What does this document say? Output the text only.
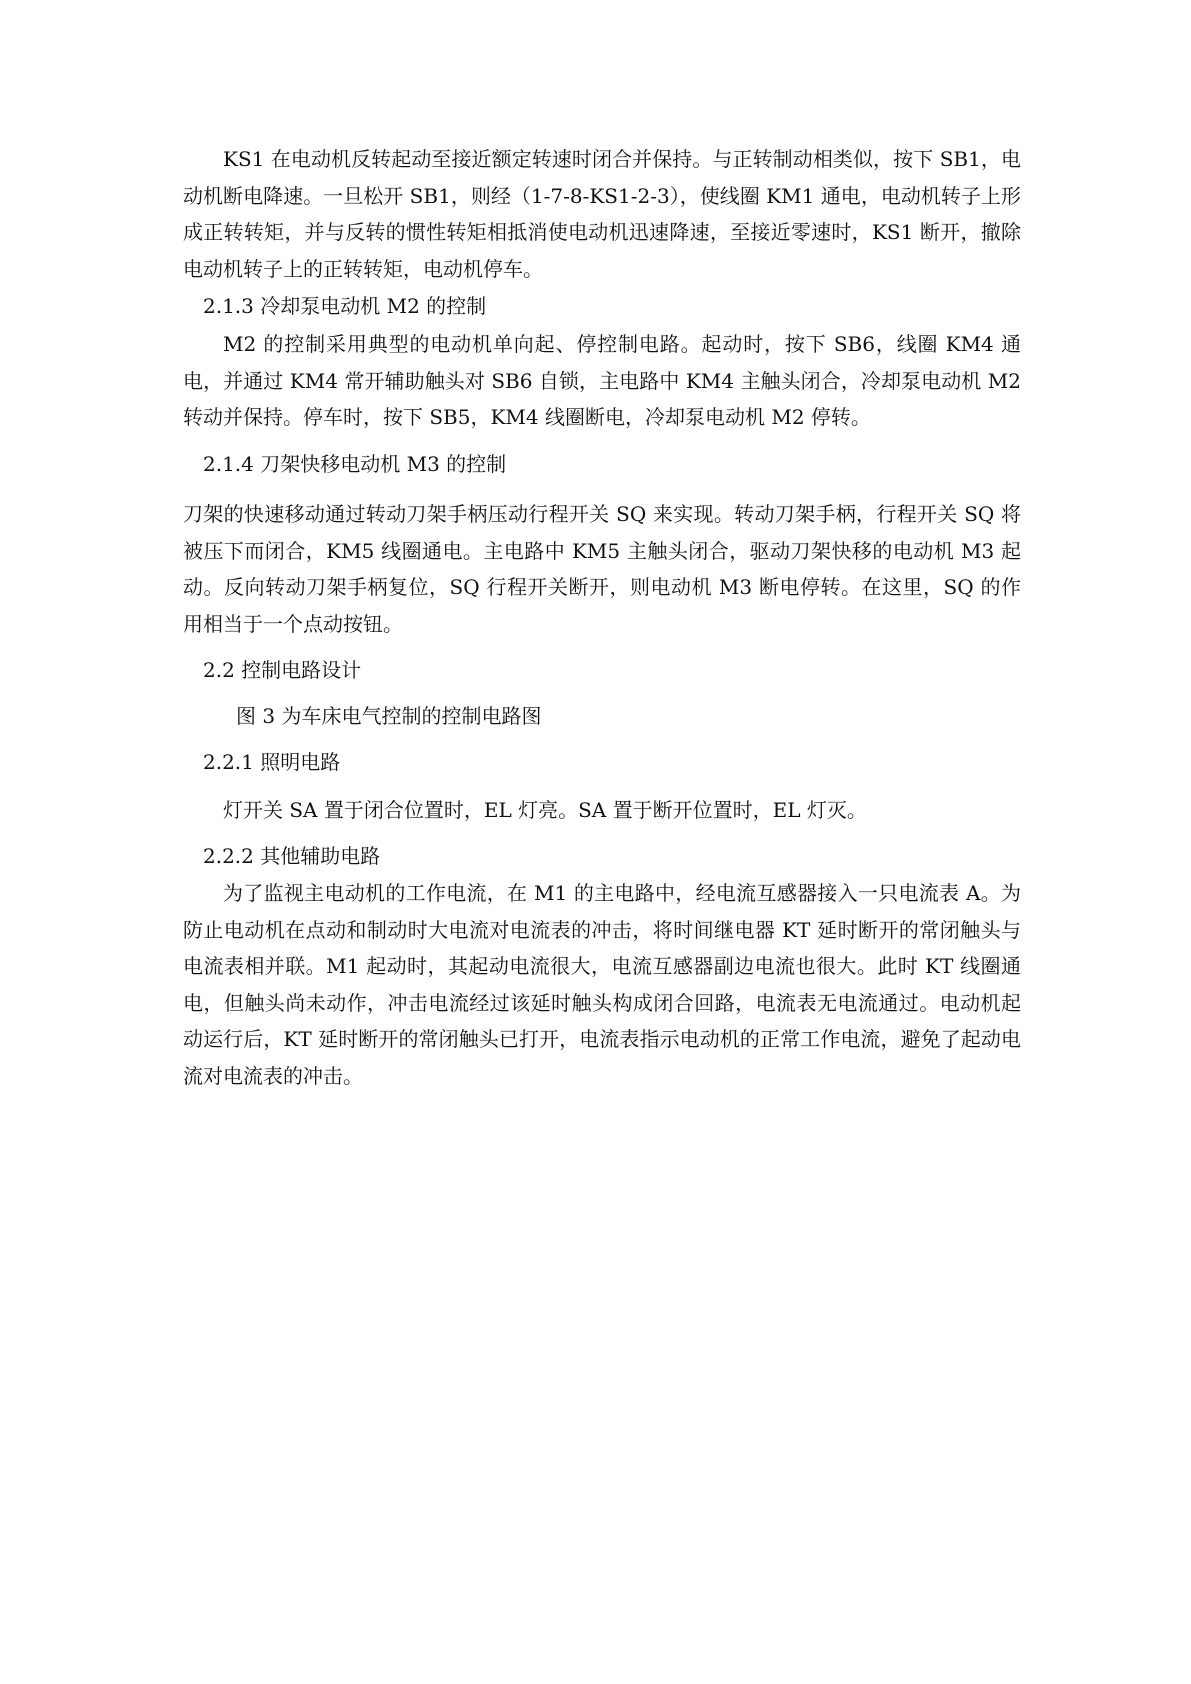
KS1 在电动机反转起动至接近额定转速时闭合并保持。与正转制动相类似，按下 SB1，电动机断电降速。一旦松开 SB1，则经（1-7-8-KS1-2-3），使线圈 KM1 通电，电动机转子上形成正转转矩，并与反转的惯性转矩相抵消使电动机迅速降速，至接近零速时，KS1 断开，撤除电动机转子上的正转转矩，电动机停车。

2.1.3 冷却泵电动机 M2 的控制

M2 的控制采用典型的电动机单向起、停控制电路。起动时，按下 SB6，线圈 KM4 通电，并通过 KM4 常开辅助触头对 SB6 自锁，主电路中 KM4 主触头闭合，冷却泵电动机 M2 转动并保持。停车时，按下 SB5，KM4 线圈断电，冷却泵电动机 M2 停转。

2.1.4 刀架快移电动机 M3 的控制

刀架的快速移动通过转动刀架手柄压动行程开关 SQ 来实现。转动刀架手柄，行程开关 SQ 将被压下而闭合，KM5 线圈通电。主电路中 KM5 主触头闭合，驱动刀架快移的电动机 M3 起动。反向转动刀架手柄复位，SQ 行程开关断开，则电动机 M3 断电停转。在这里，SQ 的作用相当于一个点动按钮。

2.2 控制电路设计

图 3 为车床电气控制的控制电路图

2.2.1 照明电路

灯开关 SA 置于闭合位置时，EL 灯亮。SA 置于断开位置时，EL 灯灭。

2.2.2 其他辅助电路

为了监视主电动机的工作电流，在 M1 的主电路中，经电流互感器接入一只电流表 A。为防止电动机在点动和制动时大电流对电流表的冲击，将时间继电器 KT 延时断开的常闭触头与电流表相并联。M1 起动时，其起动电流很大，电流互感器副边电流也很大。此时 KT 线圈通电，但触头尚未动作，冲击电流经过该延时触头构成闭合回路，电流表无电流通过。电动机起动运行后，KT 延时断开的常闭触头已打开，电流表指示电动机的正常工作电流，避免了起动电流对电流表的冲击。
